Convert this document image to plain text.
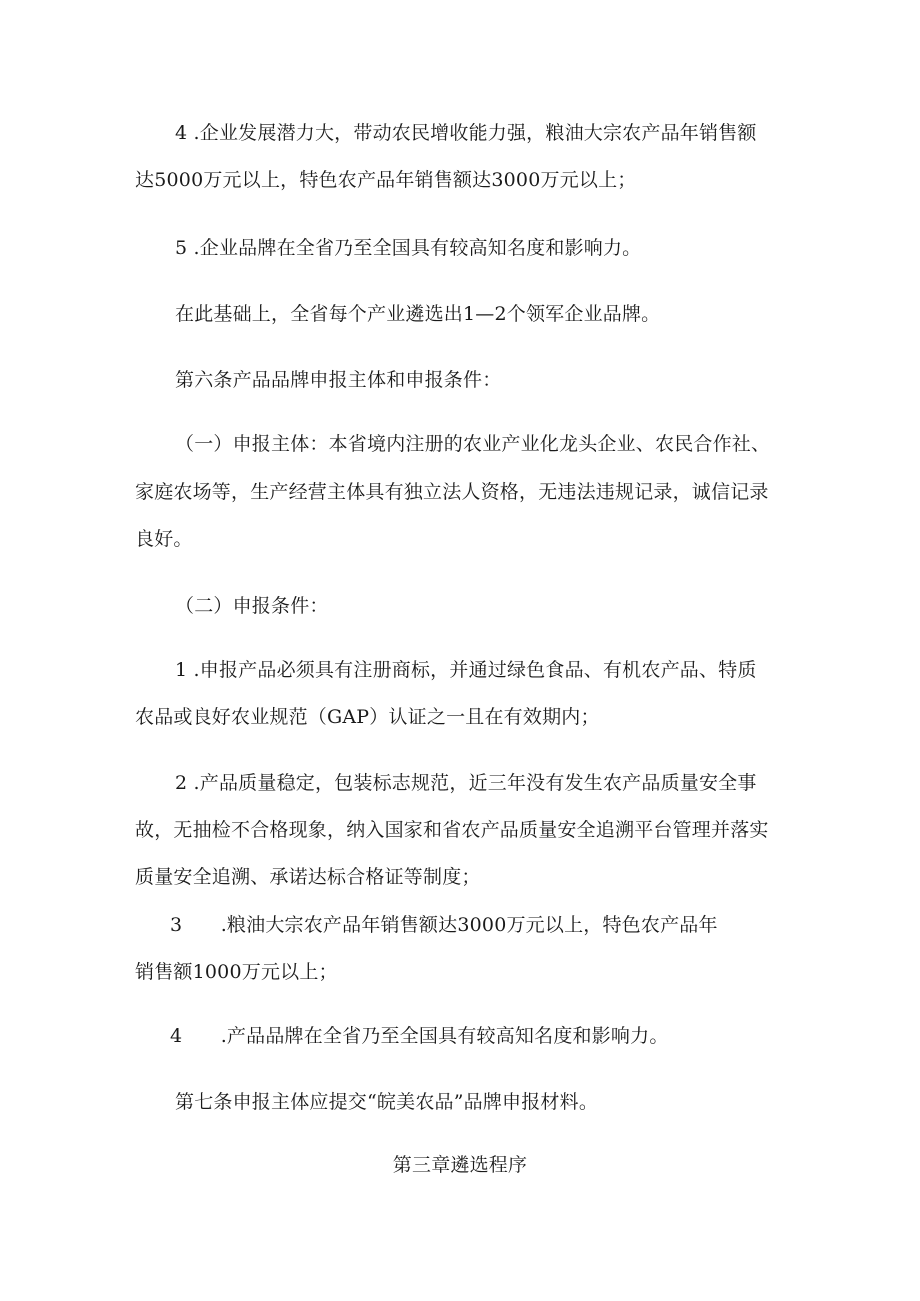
4 .企业发展潜力大，带动农民增收能力强，粮油大宗农产品年销售额
达5000万元以上，特色农产品年销售额达3000万元以上；
5 .企业品牌在全省乃至全国具有较高知名度和影响力。
在此基础上，全省每个产业遴选出1—2个领军企业品牌。
第六条产品品牌申报主体和申报条件：
（一）申报主体：本省境内注册的农业产业化龙头企业、农民合作社、
家庭农场等，生产经营主体具有独立法人资格，无违法违规记录，诚信记录
良好。
（二）申报条件：
1 .申报产品必须具有注册商标，并通过绿色食品、有机农产品、特质
农品或良好农业规范（GAP）认证之一且在有效期内；
2 .产品质量稳定，包装标志规范，近三年没有发生农产品质量安全事
故，无抽检不合格现象，纳入国家和省农产品质量安全追溯平台管理并落实
质量安全追溯、承诺达标合格证等制度；
3　　.粮油大宗农产品年销售额达3000万元以上，特色农产品年
销售额1000万元以上；
4　　.产品品牌在全省乃至全国具有较高知名度和影响力。
第七条申报主体应提交“皖美农品”品牌申报材料。
第三章遴选程序
